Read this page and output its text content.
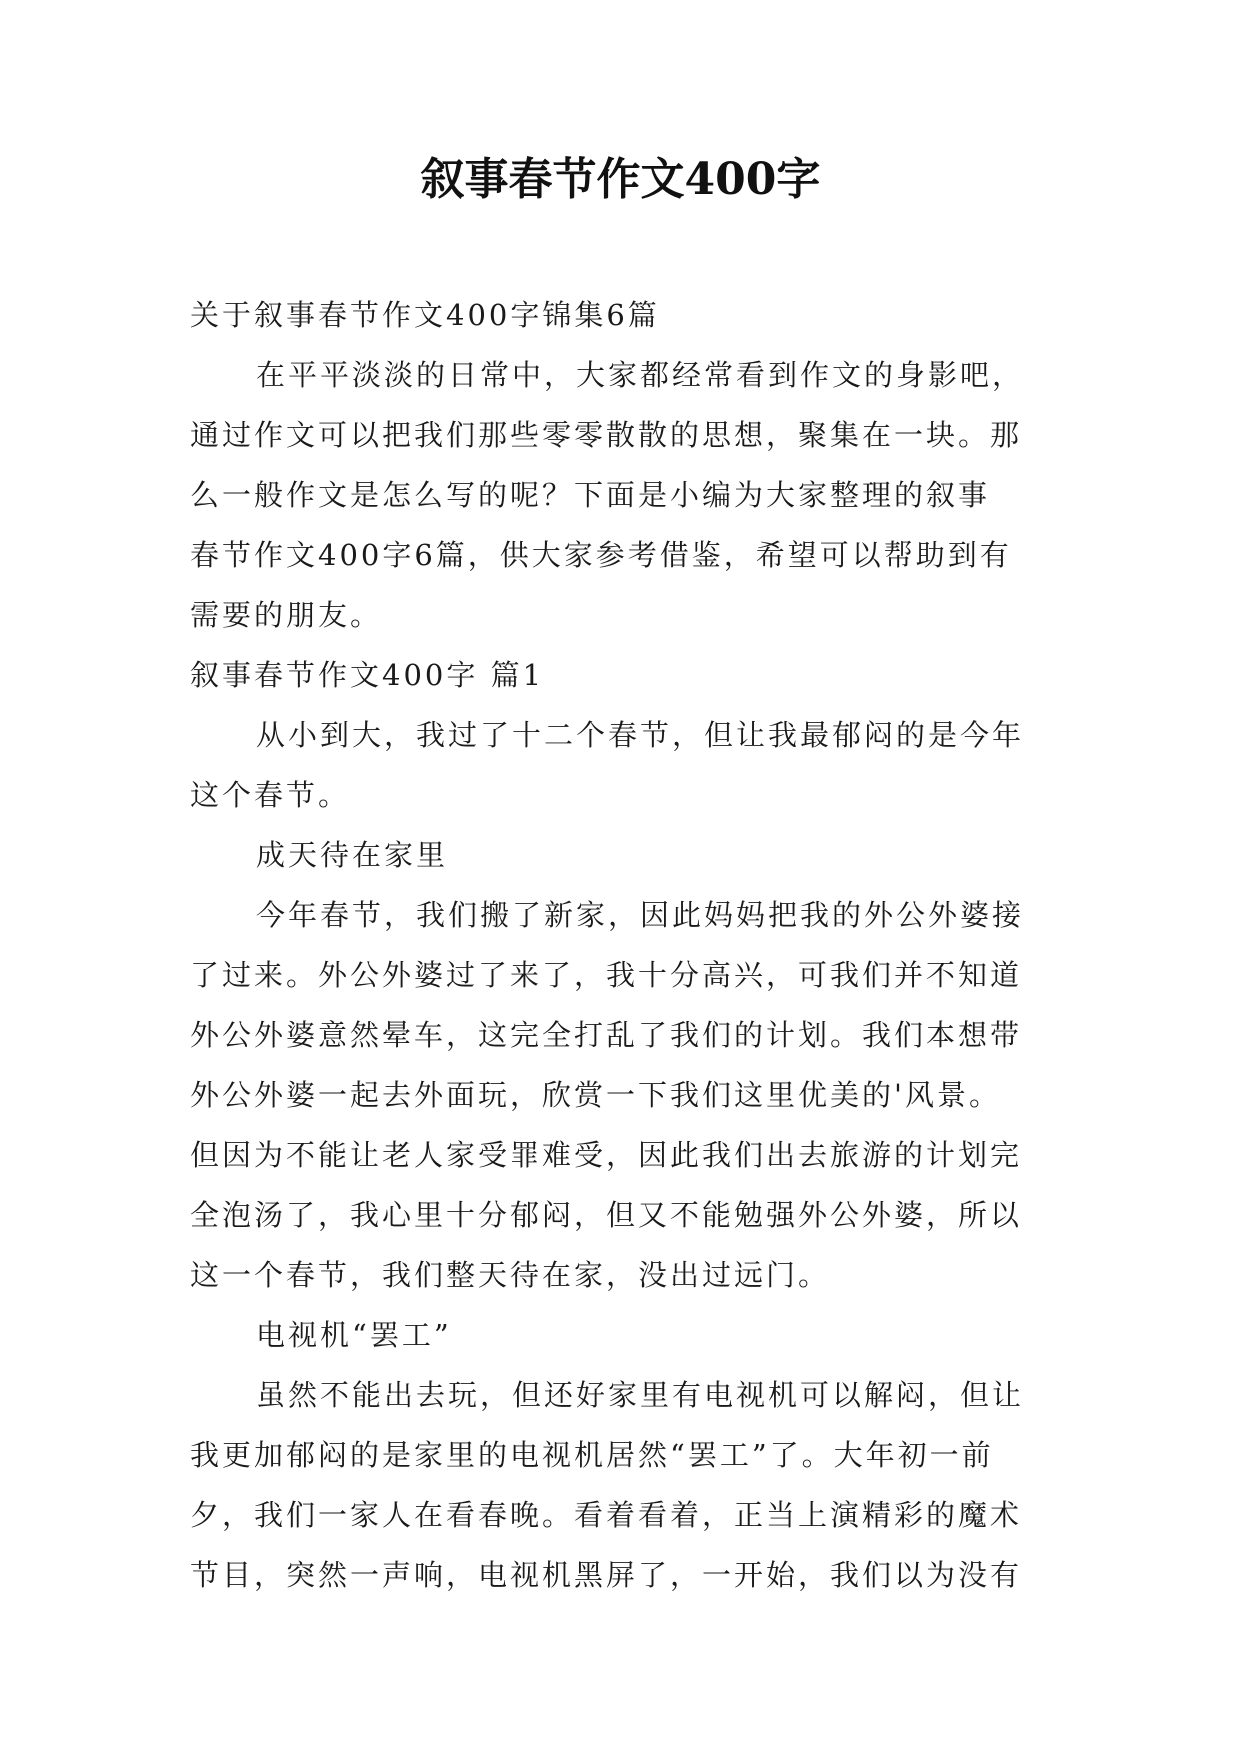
叙事春节作文400字
关于叙事春节作文400字锦集6篇
在平平淡淡的日常中，大家都经常看到作文的身影吧，
通过作文可以把我们那些零零散散的思想，聚集在一块。那
么一般作文是怎么写的呢？下面是小编为大家整理的叙事
春节作文400字6篇，供大家参考借鉴，希望可以帮助到有
需要的朋友。
叙事春节作文400字 篇1
从小到大，我过了十二个春节，但让我最郁闷的是今年
这个春节。
成天待在家里
今年春节，我们搬了新家，因此妈妈把我的外公外婆接
了过来。外公外婆过了来了，我十分高兴，可我们并不知道
外公外婆意然晕车，这完全打乱了我们的计划。我们本想带
外公外婆一起去外面玩，欣赏一下我们这里优美的'风景。
但因为不能让老人家受罪难受，因此我们出去旅游的计划完
全泡汤了，我心里十分郁闷，但又不能勉强外公外婆，所以
这一个春节，我们整天待在家，没出过远门。
电视机“罢工”
虽然不能出去玩，但还好家里有电视机可以解闷，但让
我更加郁闷的是家里的电视机居然“罢工”了。大年初一前
夕，我们一家人在看春晚。看着看着，正当上演精彩的魔术
节目，突然一声响，电视机黑屏了，一开始，我们以为没有
